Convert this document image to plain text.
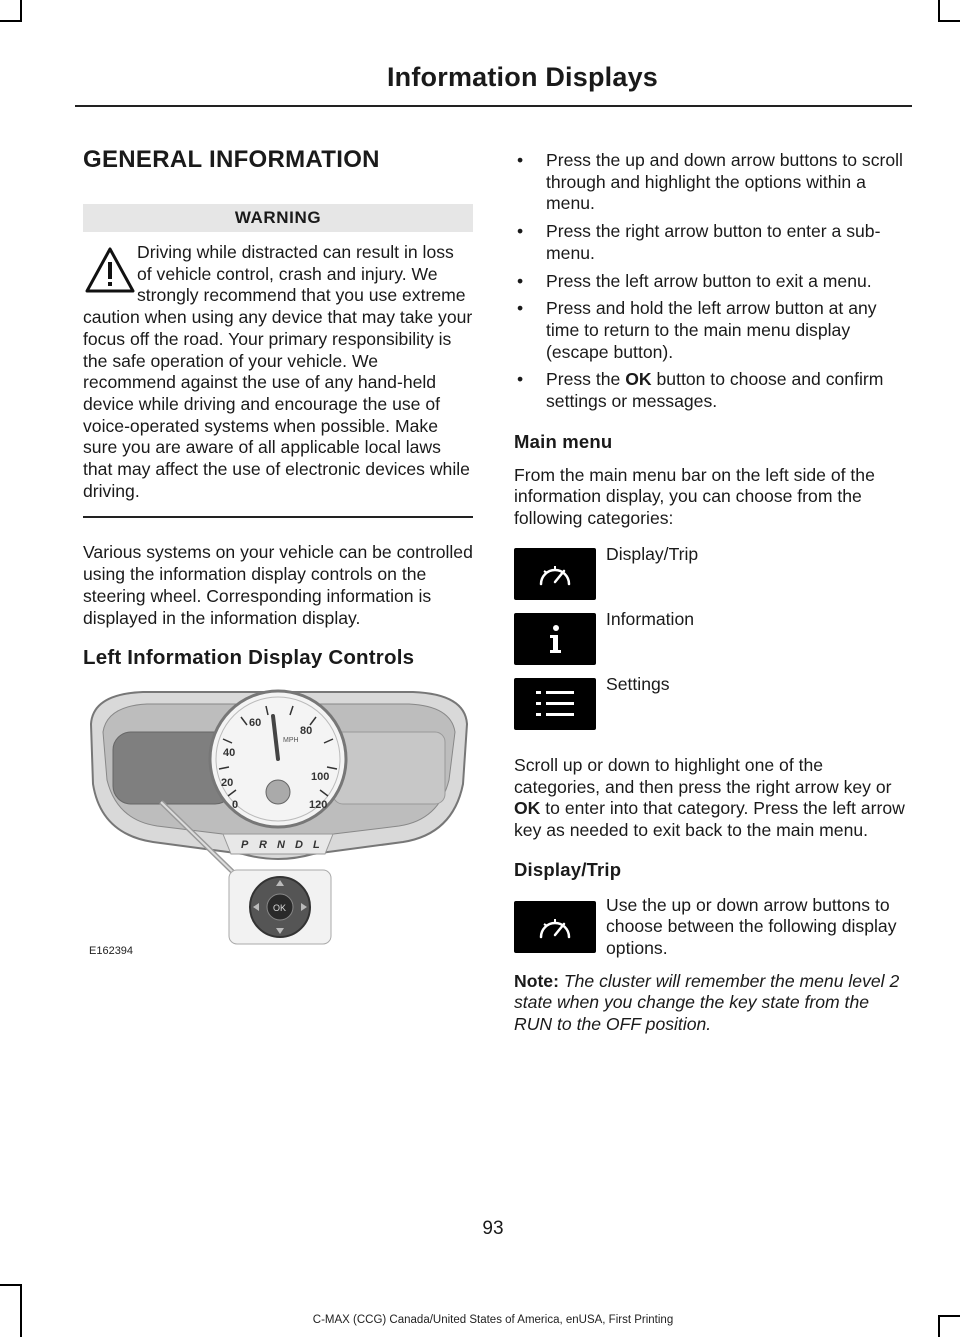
Information Displays
GENERAL INFORMATION
WARNING

Driving while distracted can result in loss of vehicle control, crash and injury. We strongly recommend that you use extreme caution when using any device that may take your focus off the road. Your primary responsibility is the safe operation of your vehicle. We recommend against the use of any hand-held device while driving and encourage the use of voice-operated systems when possible. Make sure you are aware of all applicable local laws that may affect the use of electronic devices while driving.

Various systems on your vehicle can be controlled using the information display controls on the steering wheel. Corresponding information is displayed in the information display.

Left Information Display Controls
0
20
40
60
80
100
120
MPH
P R N D L
OK
E162394
• Press the up and down arrow buttons to scroll through and highlight the options within a menu.
• Press the right arrow button to enter a sub-menu.
• Press the left arrow button to exit a menu.
• Press and hold the left arrow button at any time to return to the main menu display (escape button).
• Press the OK button to choose and confirm settings or messages.
Main menu

From the main menu bar on the left side of the information display, you can choose from the following categories:

Display/Trip
Information
Settings

Scroll up or down to highlight one of the categories, and then press the right arrow key or OK to enter into that category. Press the left arrow key as needed to exit back to the main menu.

Display/Trip

Use the up or down arrow buttons to choose between the following display options.

Note: The cluster will remember the menu level 2 state when you change the key state from the RUN to the OFF position.

93
C-MAX (CCG) Canada/United States of America, enUSA, First Printing
